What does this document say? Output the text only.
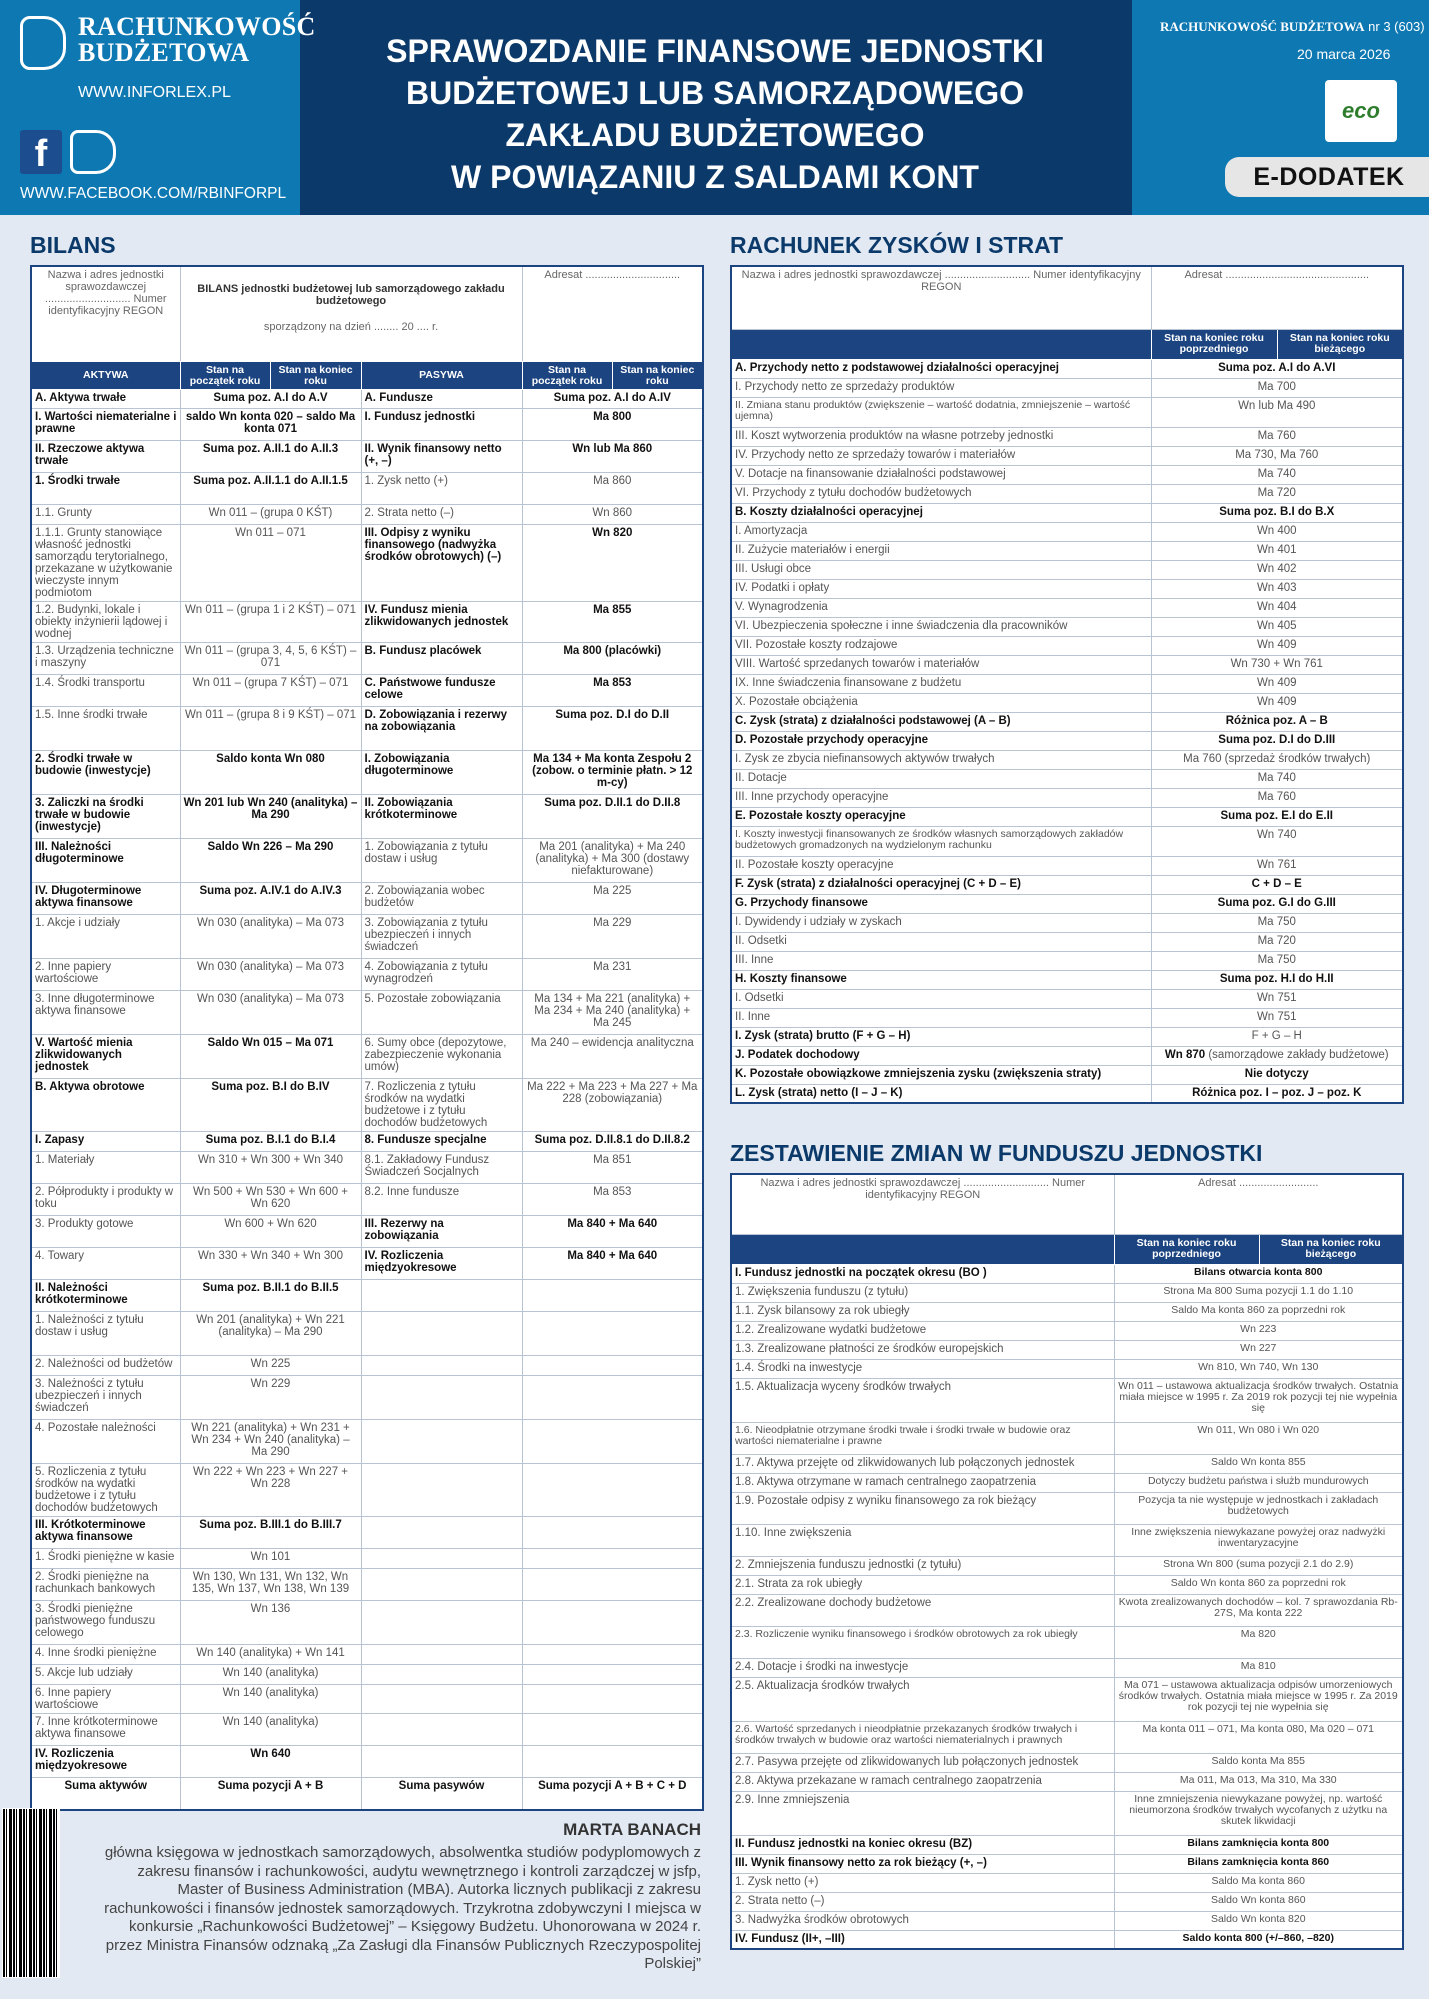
RACHUNKOWOŚĆ
BUDŻETOWA
WWW.INFORLEX.PL
f
WWW.FACEBOOK.COM/RBINFORPL
SPRAWOZDANIE FINANSOWE JEDNOSTKI
BUDŻETOWEJ LUB SAMORZĄDOWEGO
ZAKŁADU BUDŻETOWEGO
W POWIĄZANIU Z SALDAMI KONT
RACHUNKOWOŚĆ BUDŻETOWA nr 3 (603)
20 marca 2026
eco
E-DODATEK
BILANS
Nazwa i adres jednostki sprawozdawczej ............................ Numer identyfikacyjny REGON	
BILANS jednostki budżetowej lub samorządowego zakładu budżetowego
sporządzony na dzień ........ 20 .... r.
	Adresat ...............................
AKTYWA	Stan na początek roku	Stan na koniec roku	PASYWA	Stan na początek roku	Stan na koniec roku
A. Aktywa trwałe	Suma poz. A.I do A.V		A. Fundusze	Suma poz. A.I do A.IV	
I. Wartości niematerialne i prawne	saldo Wn konta 020 – saldo Ma konta 071		I. Fundusz jednostki	Ma 800	
II. Rzeczowe aktywa trwałe	Suma poz. A.II.1 do A.II.3		II. Wynik finansowy netto (+, –)	Wn lub Ma 860	
1. Środki trwałe	Suma poz. A.II.1.1 do A.II.1.5		1. Zysk netto (+)	Ma 860	
1.1. Grunty	Wn 011 – (grupa 0 KŚT)		2. Strata netto (–)	Wn 860	
1.1.1. Grunty stanowiące własność jednostki samorządu terytorialnego, przekazane w użytkowanie wieczyste innym podmiotom	Wn 011 – 071		III. Odpisy z wyniku finansowego (nadwyżka środków obrotowych) (–)	Wn 820	
1.2. Budynki, lokale i obiekty inżynierii lądowej i wodnej	Wn 011 – (grupa 1 i 2 KŚT) – 071		IV. Fundusz mienia zlikwidowanych jednostek	Ma 855	
1.3. Urządzenia techniczne i maszyny	Wn 011 – (grupa 3, 4, 5, 6 KŚT) – 071		B. Fundusz placówek	Ma 800 (placówki)	
1.4. Środki transportu	Wn 011 – (grupa 7 KŚT) – 071		C. Państwowe fundusze celowe	Ma 853	
1.5. Inne środki trwałe	Wn 011 – (grupa 8 i 9 KŚT) – 071		D. Zobowiązania i rezerwy na zobowiązania	Suma poz. D.I do D.II	
2. Środki trwałe w budowie (inwestycje)	Saldo konta Wn 080		I. Zobowiązania długoterminowe	Ma 134 + Ma konta Zespołu 2 (zobow. o terminie płatn. > 12 m-cy)	
3. Zaliczki na środki trwałe w budowie (inwestycje)	Wn 201 lub Wn 240 (analityka) – Ma 290		II. Zobowiązania krótkoterminowe	Suma poz. D.II.1 do D.II.8	
III. Należności długoterminowe	Saldo Wn 226 – Ma 290		1. Zobowiązania z tytułu dostaw i usług	Ma 201 (analityka) + Ma 240 (analityka) + Ma 300 (dostawy niefakturowane)	
IV. Długoterminowe aktywa finansowe	Suma poz. A.IV.1 do A.IV.3		2. Zobowiązania wobec budżetów	Ma 225	
1. Akcje i udziały	Wn 030 (analityka) – Ma 073		3. Zobowiązania z tytułu ubezpieczeń i innych świadczeń	Ma 229	
2. Inne papiery wartościowe	Wn 030 (analityka) – Ma 073		4. Zobowiązania z tytułu wynagrodzeń	Ma 231	
3. Inne długoterminowe aktywa finansowe	Wn 030 (analityka) – Ma 073		5. Pozostałe zobowiązania	Ma 134 + Ma 221 (analityka) + Ma 234 + Ma 240 (analityka) + Ma 245	
V. Wartość mienia zlikwidowanych jednostek	Saldo Wn 015 – Ma 071		6. Sumy obce (depozytowe, zabezpieczenie wykonania umów)	Ma 240 – ewidencja analityczna	
B. Aktywa obrotowe	Suma poz. B.I do B.IV		7. Rozliczenia z tytułu środków na wydatki budżetowe i z tytułu dochodów budżetowych	Ma 222 + Ma 223 + Ma 227 + Ma 228 (zobowiązania)	
I. Zapasy	Suma poz. B.I.1 do B.I.4		8. Fundusze specjalne	Suma poz. D.II.8.1 do D.II.8.2	
1. Materiały	Wn 310 + Wn 300 + Wn 340		8.1. Zakładowy Fundusz Świadczeń Socjalnych	Ma 851	
2. Półprodukty i produkty w toku	Wn 500 + Wn 530 + Wn 600 + Wn 620		8.2. Inne fundusze	Ma 853	
3. Produkty gotowe	Wn 600 + Wn 620		III. Rezerwy na zobowiązania	Ma 840 + Ma 640	
4. Towary	Wn 330 + Wn 340 + Wn 300		IV. Rozliczenia międzyokresowe	Ma 840 + Ma 640	
II. Należności krótkoterminowe	Suma poz. B.II.1 do B.II.5				
1. Należności z tytułu dostaw i usług	Wn 201 (analityka) + Wn 221 (analityka) – Ma 290				
2. Należności od budżetów	Wn 225				
3. Należności z tytułu ubezpieczeń i innych świadczeń	Wn 229				
4. Pozostałe należności	Wn 221 (analityka) + Wn 231 + Wn 234 + Wn 240 (analityka) – Ma 290				
5. Rozliczenia z tytułu środków na wydatki budżetowe i z tytułu dochodów budżetowych	Wn 222 + Wn 223 + Wn 227 + Wn 228				
III. Krótkoterminowe aktywa finansowe	Suma poz. B.III.1 do B.III.7				
1. Środki pieniężne w kasie	Wn 101				
2. Środki pieniężne na rachunkach bankowych	Wn 130, Wn 131, Wn 132, Wn 135, Wn 137, Wn 138, Wn 139				
3. Środki pieniężne państwowego funduszu celowego	Wn 136				
4. Inne środki pieniężne	Wn 140 (analityka) + Wn 141				
5. Akcje lub udziały	Wn 140 (analityka)				
6. Inne papiery wartościowe	Wn 140 (analityka)				
7. Inne krótkoterminowe aktywa finansowe	Wn 140 (analityka)				
IV. Rozliczenia międzyokresowe	Wn 640				
Suma aktywów	Suma pozycji A + B		Suma pasywów	Suma pozycji A + B + C + D	
RACHUNEK ZYSKÓW I STRAT
Nazwa i adres jednostki sprawozdawczej ............................ Numer identyfikacyjny REGON	Adresat ...............................................	
	Stan na koniec roku poprzedniego	Stan na koniec roku bieżącego
A. Przychody netto z podstawowej działalności operacyjnej	Suma poz. A.I do A.VI	
I. Przychody netto ze sprzedaży produktów	Ma 700	
II. Zmiana stanu produktów (zwiększenie – wartość dodatnia, zmniejszenie – wartość ujemna)	Wn lub Ma 490	
III. Koszt wytworzenia produktów na własne potrzeby jednostki	Ma 760	
IV. Przychody netto ze sprzedaży towarów i materiałów	Ma 730, Ma 760	
V. Dotacje na finansowanie działalności podstawowej	Ma 740	
VI. Przychody z tytułu dochodów budżetowych	Ma 720	
B. Koszty działalności operacyjnej	Suma poz. B.I do B.X	
I. Amortyzacja	Wn 400	
II. Zużycie materiałów i energii	Wn 401	
III. Usługi obce	Wn 402	
IV. Podatki i opłaty	Wn 403	
V. Wynagrodzenia	Wn 404	
VI. Ubezpieczenia społeczne i inne świadczenia dla pracowników	Wn 405	
VII. Pozostałe koszty rodzajowe	Wn 409	
VIII. Wartość sprzedanych towarów i materiałów	Wn 730 + Wn 761	
IX. Inne świadczenia finansowane z budżetu	Wn 409	
X. Pozostałe obciążenia	Wn 409	
C. Zysk (strata) z działalności podstawowej (A – B)	Różnica poz. A – B	
D. Pozostałe przychody operacyjne	Suma poz. D.I do D.III	
I. Zysk ze zbycia niefinansowych aktywów trwałych	Ma 760 (sprzedaż środków trwałych)	
II. Dotacje	Ma 740	
III. Inne przychody operacyjne	Ma 760	
E. Pozostałe koszty operacyjne	Suma poz. E.I do E.II	
I. Koszty inwestycji finansowanych ze środków własnych samorządowych zakładów budżetowych gromadzonych na wydzielonym rachunku	Wn 740	
II. Pozostałe koszty operacyjne	Wn 761	
F. Zysk (strata) z działalności operacyjnej (C + D – E)	C + D – E	
G. Przychody finansowe	Suma poz. G.I do G.III	
I. Dywidendy i udziały w zyskach	Ma 750	
II. Odsetki	Ma 720	
III. Inne	Ma 750	
H. Koszty finansowe	Suma poz. H.I do H.II	
I. Odsetki	Wn 751	
II. Inne	Wn 751	
I. Zysk (strata) brutto (F + G – H)	F + G – H	
J. Podatek dochodowy	Wn 870 (samorządowe zakłady budżetowe)	
K. Pozostałe obowiązkowe zmniejszenia zysku (zwiększenia straty)	Nie dotyczy	
L. Zysk (strata) netto (I – J – K)	Różnica poz. I – poz. J – poz. K	
ZESTAWIENIE ZMIAN W FUNDUSZU JEDNOSTKI
Nazwa i adres jednostki sprawozdawczej ............................ Numer identyfikacyjny REGON	Adresat ..........................	
	Stan na koniec roku poprzedniego	Stan na koniec roku bieżącego
I. Fundusz jednostki na początek okresu (BO )	Bilans otwarcia konta 800	
1. Zwiększenia funduszu (z tytułu)	Strona Ma 800 Suma pozycji 1.1 do 1.10	
1.1. Zysk bilansowy za rok ubiegły	Saldo Ma konta 860 za poprzedni rok	
1.2. Zrealizowane wydatki budżetowe	Wn 223	
1.3. Zrealizowane płatności ze środków europejskich	Wn 227	
1.4. Środki na inwestycje	Wn 810, Wn 740, Wn 130	
1.5. Aktualizacja wyceny środków trwałych	Wn 011 – ustawowa aktualizacja środków trwałych. Ostatnia miała miejsce w 1995 r. Za 2019 rok pozycji tej nie wypełnia się	
1.6. Nieodpłatnie otrzymane środki trwałe i środki trwałe w budowie oraz wartości niematerialne i prawne	Wn 011, Wn 080 i Wn 020	
1.7. Aktywa przejęte od zlikwidowanych lub połączonych jednostek	Saldo Wn konta 855	
1.8. Aktywa otrzymane w ramach centralnego zaopatrzenia	Dotyczy budżetu państwa i służb mundurowych	
1.9. Pozostałe odpisy z wyniku finansowego za rok bieżący	Pozycja ta nie występuje w jednostkach i zakładach budżetowych	
1.10. Inne zwiększenia	Inne zwiększenia niewykazane powyżej oraz nadwyżki inwentaryzacyjne	
2. Zmniejszenia funduszu jednostki (z tytułu)	Strona Wn 800 (suma pozycji 2.1 do 2.9)	
2.1. Strata za rok ubiegły	Saldo Wn konta 860 za poprzedni rok	
2.2. Zrealizowane dochody budżetowe	Kwota zrealizowanych dochodów – kol. 7 sprawozdania Rb-27S, Ma konta 222	
2.3. Rozliczenie wyniku finansowego i środków obrotowych za rok ubiegły	Ma 820	
2.4. Dotacje i środki na inwestycje	Ma 810	
2.5. Aktualizacja środków trwałych	Ma 071 – ustawowa aktualizacja odpisów umorzeniowych środków trwałych. Ostatnia miała miejsce w 1995 r. Za 2019 rok pozycji tej nie wypełnia się	
2.6. Wartość sprzedanych i nieodpłatnie przekazanych środków trwałych i środków trwałych w budowie oraz wartości niematerialnych i prawnych	Ma konta 011 – 071, Ma konta 080, Ma 020 – 071	
2.7. Pasywa przejęte od zlikwidowanych lub połączonych jednostek	Saldo konta Ma 855	
2.8. Aktywa przekazane w ramach centralnego zaopatrzenia	Ma 011, Ma 013, Ma 310, Ma 330	
2.9. Inne zmniejszenia	Inne zmniejszenia niewykazane powyżej, np. wartość nieumorzona środków trwałych wycofanych z użytku na skutek likwidacji	
II. Fundusz jednostki na koniec okresu (BZ)	Bilans zamknięcia konta 800	
III. Wynik finansowy netto za rok bieżący (+, –)	Bilans zamknięcia konta 860	
1. Zysk netto (+)	Saldo Ma konta 860	
2. Strata netto (–)	Saldo Wn konta 860	
3. Nadwyżka środków obrotowych	Saldo Wn konta 820	
IV. Fundusz (II+, –III)	Saldo konta 800 (+/–860, –820)	
MARTA BANACH
główna księgowa w jednostkach samorządowych, absolwentka studiów podyplomowych z zakresu finansów i rachunkowości, audytu wewnętrznego i kontroli zarządczej w jsfp, Master of Business Administration (MBA). Autorka licznych publikacji z zakresu rachunkowości i finansów jednostek samorządowych. Trzykrotna zdobywczyni I miejsca w konkursie „Rachunkowości Budżetowej” – Księgowy Budżetu. Uhonorowana w 2024 r. przez Ministra Finansów odznaką „Za Zasługi dla Finansów Publicznych Rzeczypospolitej Polskiej”
